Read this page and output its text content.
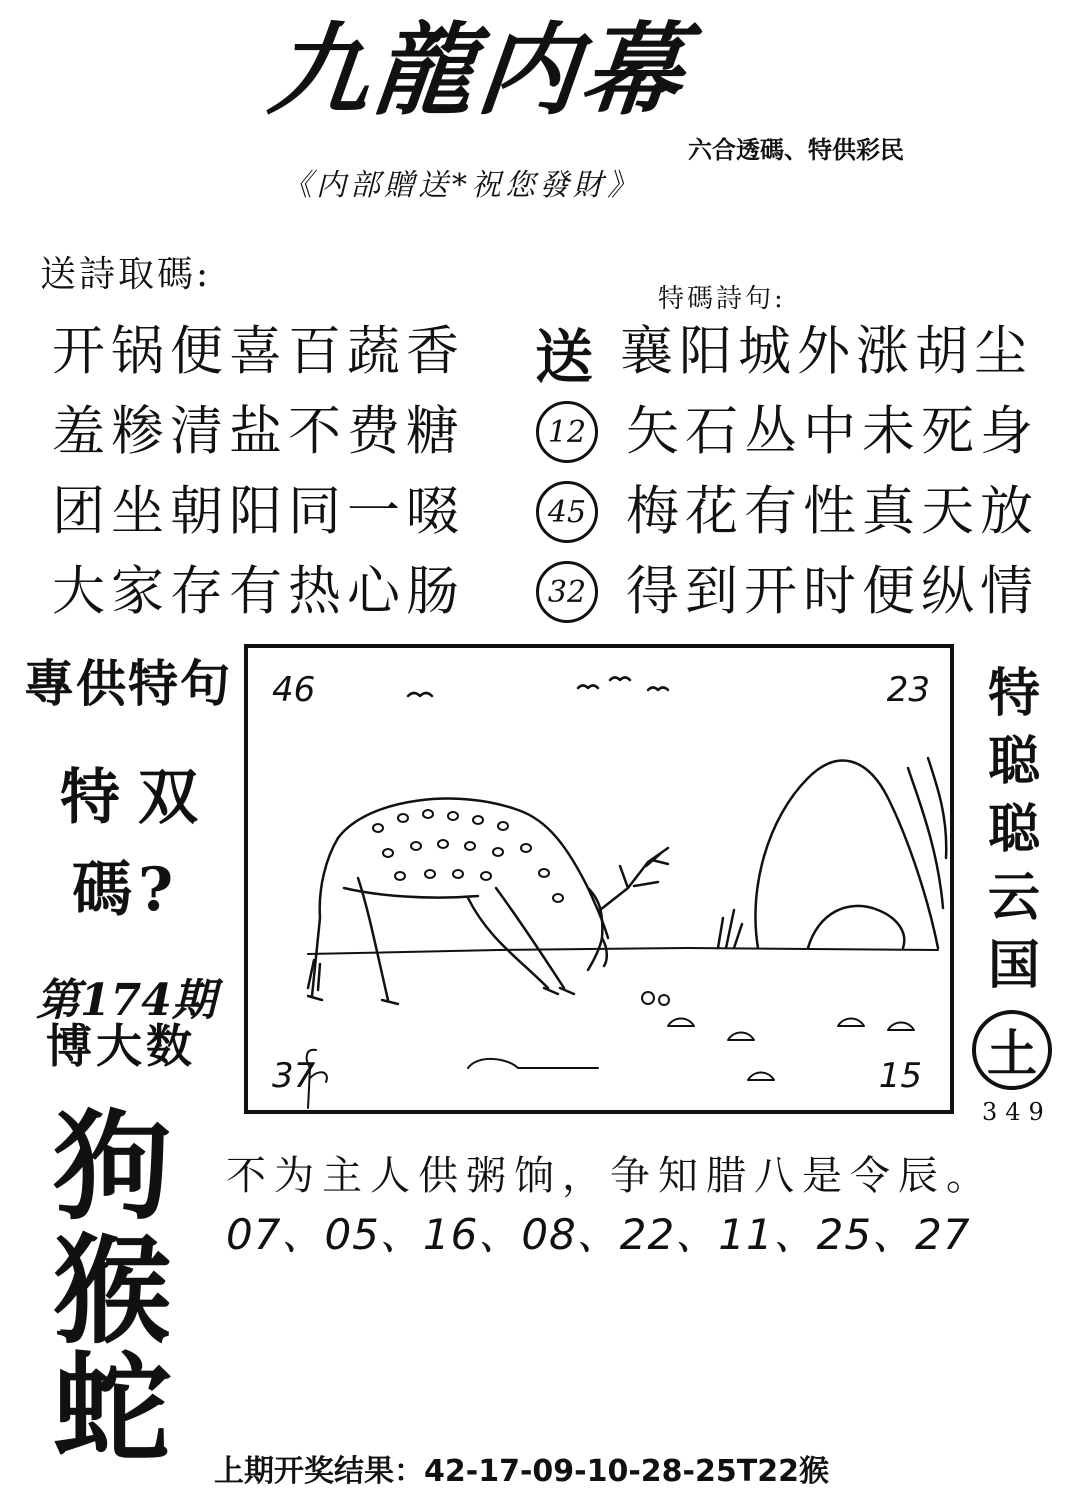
九龍内幕
六合透碼、特供彩民
《内部贈送*祝您發財》
送詩取碼:
开锅便喜百蔬香
羞糁清盐不费糖
团坐朝阳同一啜
大家存有热心肠
特碼詩句:
送 襄阳城外涨胡尘
12 矢石丛中未死身
45 梅花有性真天放
32 得到开时便纵情
專供特句
特双
碼?
第174期
博大数
狗
猴
蛇
46	23
37	15
特
聪
聪
云
国
土
349
不为主人供粥饷，争知腊八是令辰。
07、05、16、08、22、11、25、27
上期开奖结果：42-17-09-10-28-25T22猴
